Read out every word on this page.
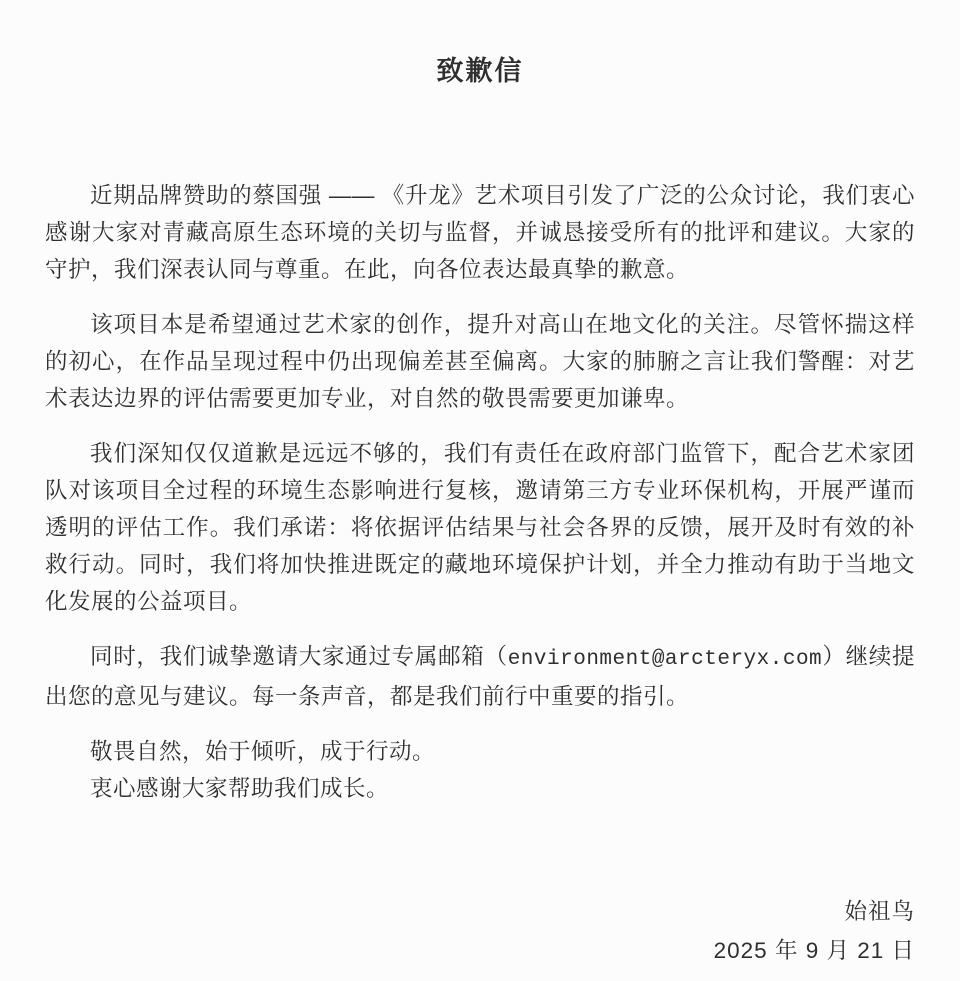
致歉信

近期品牌赞助的蔡国强 —— 《升龙》艺术项目引发了广泛的公众讨论，我们衷心感谢大家对青藏高原生态环境的关切与监督，并诚恳接受所有的批评和建议。大家的守护，我们深表认同与尊重。在此，向各位表达最真挚的歉意。

该项目本是希望通过艺术家的创作，提升对高山在地文化的关注。尽管怀揣这样的初心，在作品呈现过程中仍出现偏差甚至偏离。大家的肺腑之言让我们警醒：对艺术表达边界的评估需要更加专业，对自然的敬畏需要更加谦卑。

我们深知仅仅道歉是远远不够的，我们有责任在政府部门监管下，配合艺术家团队对该项目全过程的环境生态影响进行复核，邀请第三方专业环保机构，开展严谨而透明的评估工作。我们承诺：将依据评估结果与社会各界的反馈，展开及时有效的补救行动。同时，我们将加快推进既定的藏地环境保护计划，并全力推动有助于当地文化发展的公益项目。

同时，我们诚挚邀请大家通过专属邮箱（environment@arcteryx.com）继续提出您的意见与建议。每一条声音，都是我们前行中重要的指引。

敬畏自然，始于倾听，成于行动。

衷心感谢大家帮助我们成长。

始祖鸟
2025 年 9 月 21 日
